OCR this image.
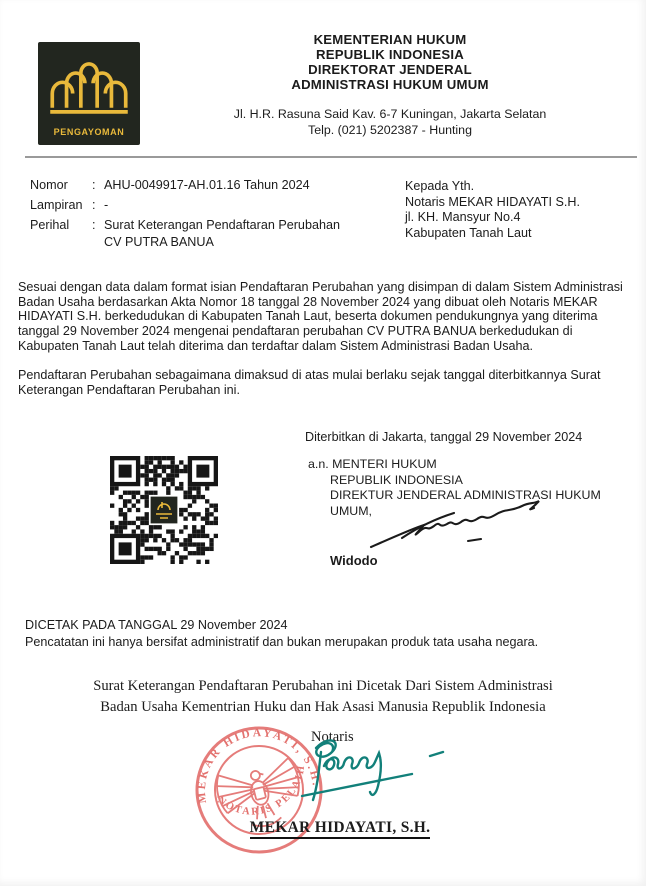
PENGAYOMAN
KEMENTERIAN HUKUM
REPUBLIK INDONESIA
DIREKTORAT JENDERAL
ADMINISTRASI HUKUM UMUM
Jl. H.R. Rasuna Said Kav. 6-7 Kuningan, Jakarta Selatan
Telp. (021) 5202387 - Hunting
Nomor	: AHU-0049917-AH.01.16 Tahun 2024
Lampiran : -
Perihal	: Surat Keterangan Pendaftaran Perubahan
CV PUTRA BANUA
Kepada Yth.
Notaris MEKAR HIDAYATI S.H.
jl. KH. Mansyur No.4
Kabupaten Tanah Laut
Sesuai dengan data dalam format isian Pendaftaran Perubahan yang disimpan di dalam Sistem Administrasi Badan Usaha berdasarkan Akta Nomor 18 tanggal 28 November 2024 yang dibuat oleh Notaris MEKAR HIDAYATI S.H. berkedudukan di Kabupaten Tanah Laut, beserta dokumen pendukungnya yang diterima tanggal 29 November 2024 mengenai pendaftaran perubahan CV PUTRA BANUA berkedudukan di Kabupaten Tanah Laut telah diterima dan terdaftar dalam Sistem Administrasi Badan Usaha.
Pendaftaran Perubahan sebagaimana dimaksud di atas mulai berlaku sejak tanggal diterbitkannya Surat Keterangan Pendaftaran Perubahan ini.
Diterbitkan di Jakarta, tanggal 29 November 2024
a.n. MENTERI HUKUM
REPUBLIK INDONESIA
DIREKTUR JENDERAL ADMINISTRASI HUKUM UMUM,
Widodo
DICETAK PADA TANGGAL 29 November 2024
Pencatatan ini hanya bersifat administratif dan bukan merupakan produk tata usaha negara.
Surat Keterangan Pendaftaran Perubahan ini Dicetak Dari Sistem Administrasi
Badan Usaha Kementrian Huku dan Hak Asasi Manusia Republik Indonesia
MEKAR HIDAYATI, S.H.
NOTARIS PELAIHARI
Notaris
MEKAR HIDAYATI, S.H.
